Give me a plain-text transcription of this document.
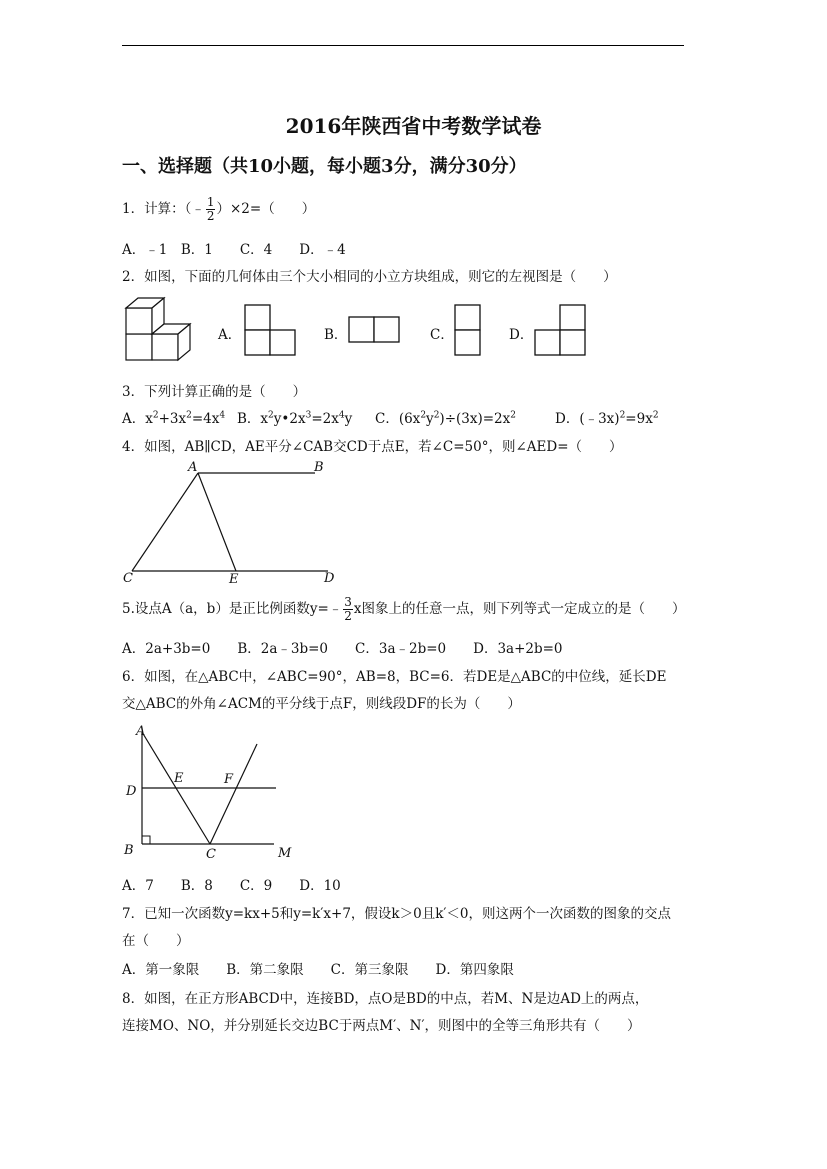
2016年陕西省中考数学试卷
一、选择题（共10小题，每小题3分，满分30分）
1．计算：（﹣ $\frac{1}{2} )\times 2=$（　　）
A．﹣1　B．1　　C．4　　D．﹣4
2．如图，下面的几何体由三个大小相同的小立方块组成，则它的左视图是（　　）
A．	B．	C．	D．
3．下列计算正确的是（　　）
A．$x^2+3x^2=4x^4$ B．$x^2y•2x^3=2x^4y$ C．$(6x^2y^2)\div(3x)=2x^2$	D．$(﹣3x)^2=9x^2$
4．如图，AB∥CD，AE平分∠CAB交CD于点E，若∠C=50°，则∠AED=（　　）
A	B
C	E	D
5.设点A（a，b）是正比例函数y=﹣ $\frac{3}{2}$ x图象上的任意一点，则下列等式一定成立的是（　　）
A．2a+3b=0　　B．2a﹣3b=0　　C．3a﹣2b=0　　D．3a+2b=0
6．如图，在△ABC中，∠ABC=90°，AB=8，BC=6．若DE是△ABC的中位线，延长DE
交△ABC的外角∠ACM的平分线于点F，则线段DF的长为（　　）
A
E	F
D
B	C	M
A．7　　B．8　　C．9　　D．10
7．已知一次函数y=kx+5和y=k′x+7，假设k＞0且k′＜0，则这两个一次函数的图象的交点
在（　　）
A．第一象限　　B．第二象限　　C．第三象限　　D．第四象限
8．如图，在正方形ABCD中，连接BD，点O是BD的中点，若M、N是边AD上的两点，
连接MO、NO，并分别延长交边BC于两点M′、N′，则图中的全等三角形共有（　　）
